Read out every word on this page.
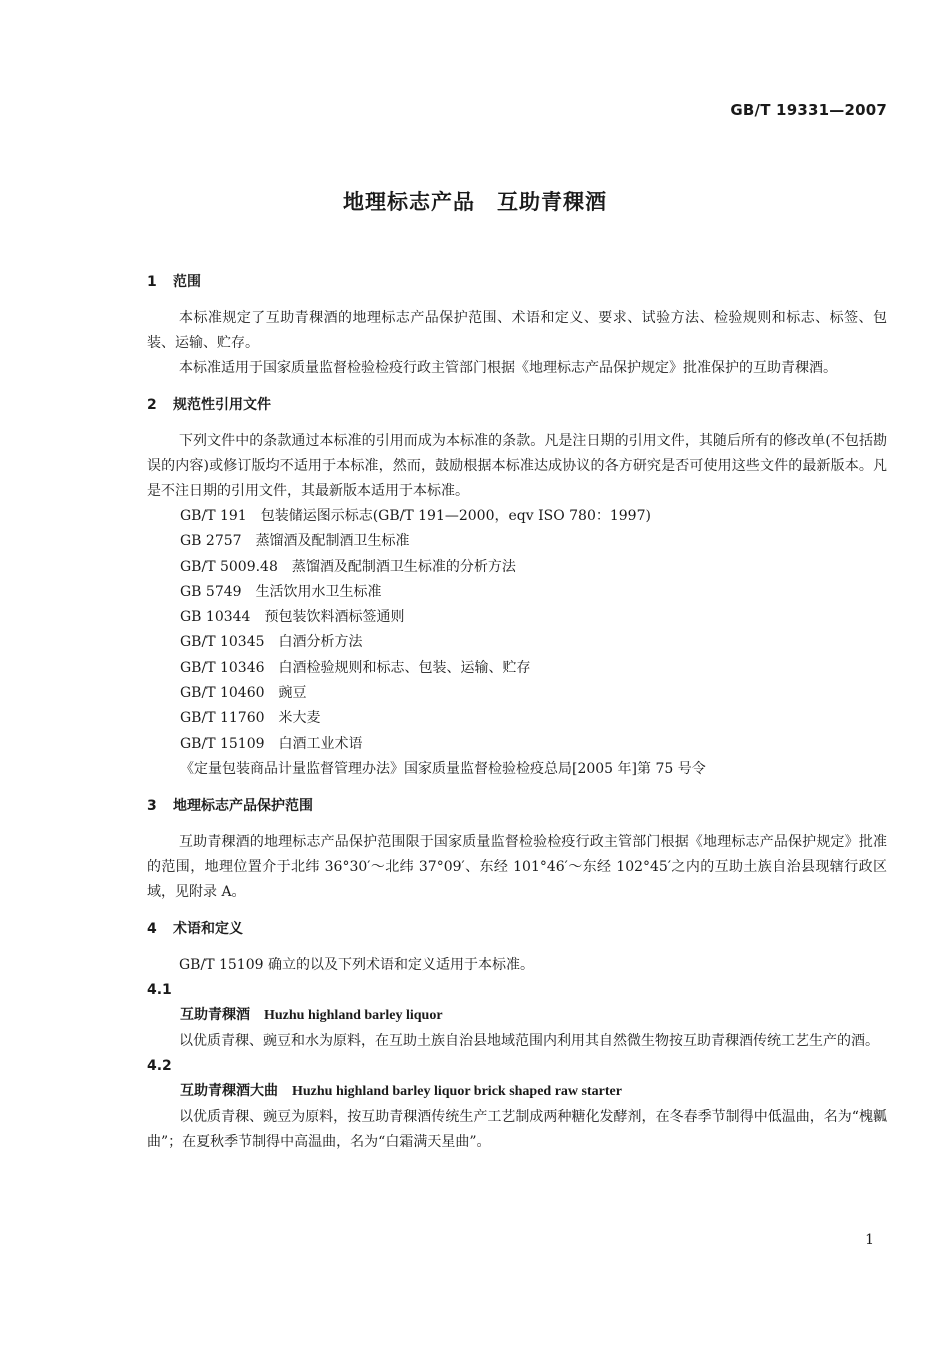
GB/T 19331—2007
地理标志产品　互助青稞酒
1 范围

本标准规定了互助青稞酒的地理标志产品保护范围、术语和定义、要求、试验方法、检验规则和标志、标签、包装、运输、贮存。

本标准适用于国家质量监督检验检疫行政主管部门根据《地理标志产品保护规定》批准保护的互助青稞酒。

2 规范性引用文件

下列文件中的条款通过本标准的引用而成为本标准的条款。凡是注日期的引用文件，其随后所有的修改单(不包括勘误的内容)或修订版均不适用于本标准，然而，鼓励根据本标准达成协议的各方研究是否可使用这些文件的最新版本。凡是不注日期的引用文件，其最新版本适用于本标准。

GB/T 191 包装储运图示标志(GB/T 191—2000，eqv ISO 780：1997)

GB 2757 蒸馏酒及配制酒卫生标准

GB/T 5009.48 蒸馏酒及配制酒卫生标准的分析方法

GB 5749 生活饮用水卫生标准

GB 10344 预包装饮料酒标签通则

GB/T 10345 白酒分析方法

GB/T 10346 白酒检验规则和标志、包装、运输、贮存

GB/T 10460 豌豆

GB/T 11760 米大麦

GB/T 15109 白酒工业术语

《定量包装商品计量监督管理办法》国家质量监督检验检疫总局[2005 年]第 75 号令

3 地理标志产品保护范围

互助青稞酒的地理标志产品保护范围限于国家质量监督检验检疫行政主管部门根据《地理标志产品保护规定》批准的范围，地理位置介于北纬 36°30′～北纬 37°09′、东经 101°46′～东经 102°45′之内的互助土族自治县现辖行政区域，见附录 A。

4 术语和定义

GB/T 15109 确立的以及下列术语和定义适用于本标准。

4.1

互助青稞酒 Huzhu highland barley liquor

以优质青稞、豌豆和水为原料，在互助土族自治县地域范围内利用其自然微生物按互助青稞酒传统工艺生产的酒。

4.2

互助青稞酒大曲 Huzhu highland barley liquor brick shaped raw starter

以优质青稞、豌豆为原料，按互助青稞酒传统生产工艺制成两种糖化发酵剂，在冬春季节制得中低温曲，名为“槐瓤曲”；在夏秋季节制得中高温曲，名为“白霜满天星曲”。

1
